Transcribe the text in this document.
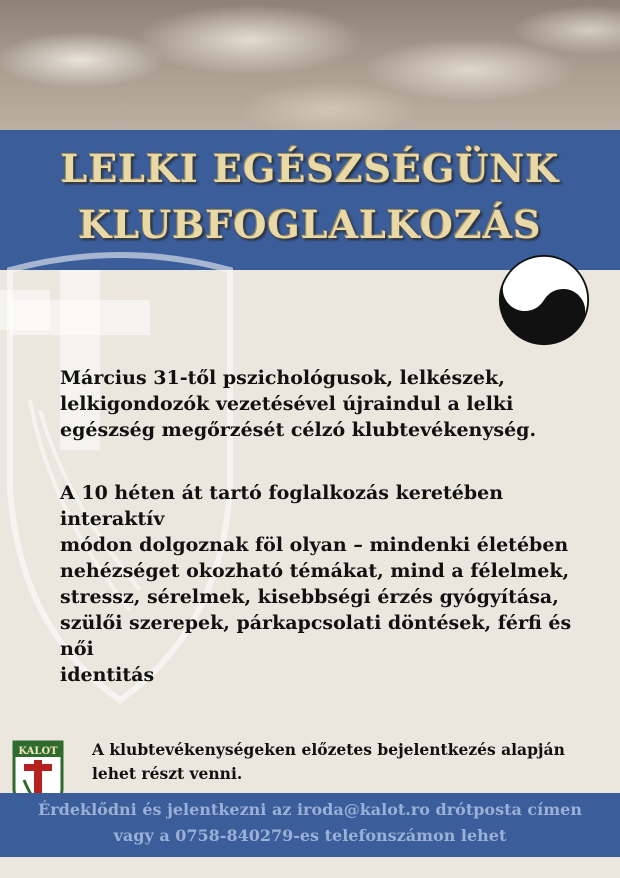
LELKI EGÉSZSÉGÜNK
KLUBFOGLALKOZÁS
Március 31-től pszichológusok, lelkészek,
lelkigondozók vezetésével újraindul a lelki
egészség megőrzését célzó klubtevékenység.
A 10 héten át tartó foglalkozás keretében interaktív
módon dolgoznak föl olyan – mindenki életében
nehézséget okozható témákat, mind a félelmek,
stressz, sérelmek, kisebbségi érzés gyógyítása,
szülői szerepek, párkapcsolati döntések, férfi és női
identitás
KALOT A klubtevékenységeken előzetes bejelentkezés alapján
lehet részt venni.
Érdeklődni és jelentkezni az iroda@kalot.ro drótposta címen
vagy a 0758-840279-es telefonszámon lehet
